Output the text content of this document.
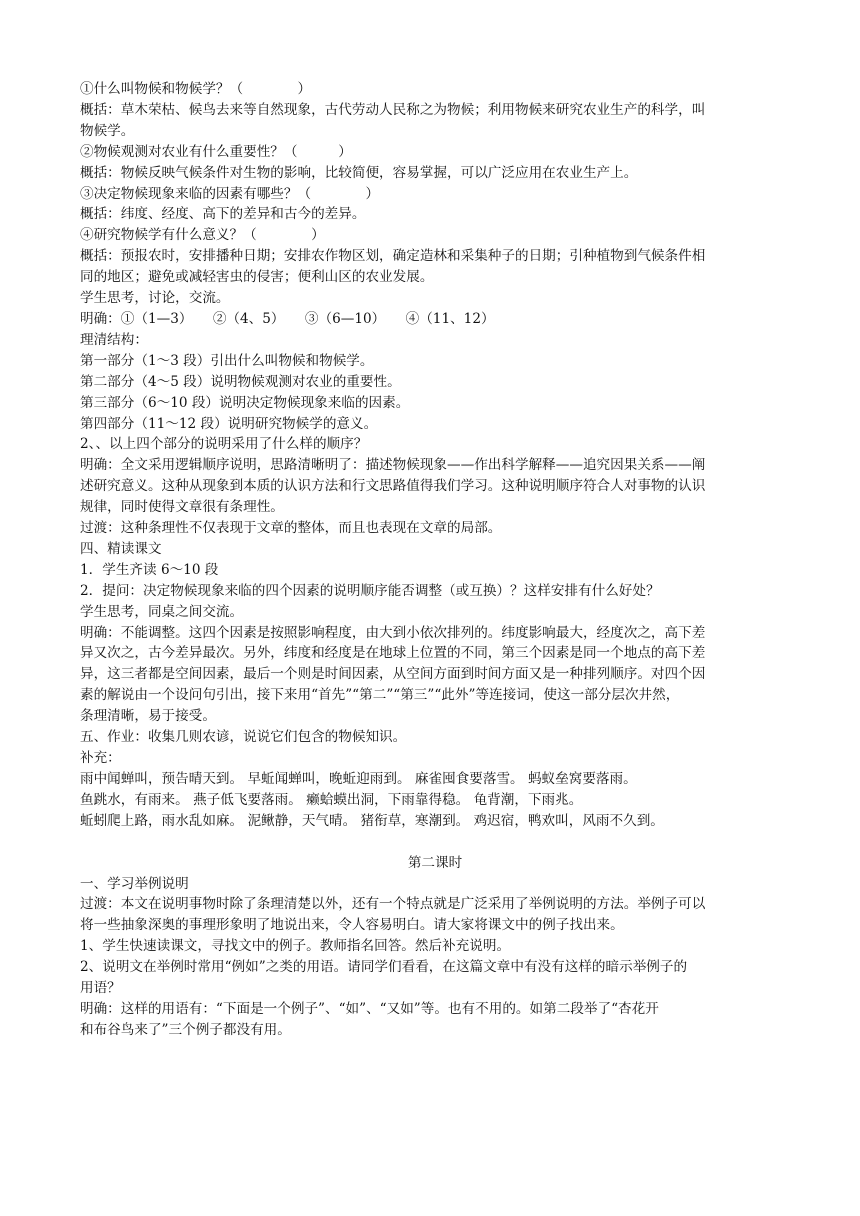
①什么叫物候和物候学？（　　　　）
概括：草木荣枯、候鸟去来等自然现象，古代劳动人民称之为物候；利用物候来研究农业生产的科学，叫
物候学。
②物候观测对农业有什么重要性？（　　　）
概括：物候反映气候条件对生物的影响，比较简便，容易掌握，可以广泛应用在农业生产上。
③决定物候现象来临的因素有哪些？（　　　　）
概括：纬度、经度、高下的差异和古今的差异。
④研究物候学有什么意义？（　　　　）
概括：预报农时，安排播种日期；安排农作物区划，确定造林和采集种子的日期；引种植物到气候条件相
同的地区；避免或减轻害虫的侵害；便利山区的农业发展。
学生思考，讨论，交流。
明确：①（1—3）　　②（4、5）　　③（6—10）　　④（11、12）
理清结构：
第一部分（1～3 段）引出什么叫物候和物候学。
第二部分（4～5 段）说明物候观测对农业的重要性。
第三部分（6～10 段）说明决定物候现象来临的因素。
第四部分（11～12 段）说明研究物候学的意义。
2、、以上四个部分的说明采用了什么样的顺序？
明确：全文采用逻辑顺序说明，思路清晰明了：描述物候现象——作出科学解释——追究因果关系——阐
述研究意义。这种从现象到本质的认识方法和行文思路值得我们学习。这种说明顺序符合人对事物的认识
规律，同时使得文章很有条理性。
过渡：这种条理性不仅表现于文章的整体，而且也表现在文章的局部。
四、精读课文
1．学生齐读 6～10 段
2．提问：决定物候现象来临的四个因素的说明顺序能否调整（或互换）？这样安排有什么好处？
学生思考，同桌之间交流。
明确：不能调整。这四个因素是按照影响程度，由大到小依次排列的。纬度影响最大，经度次之，高下差
异又次之，古今差异最次。另外，纬度和经度是在地球上位置的不同，第三个因素是同一个地点的高下差
异，这三者都是空间因素，最后一个则是时间因素，从空间方面到时间方面又是一种排列顺序。对四个因
素的解说由一个设问句引出，接下来用“首先”“第二”“第三”“此外”等连接词，使这一部分层次井然，
条理清晰，易于接受。
五、作业：收集几则农谚，说说它们包含的物候知识。
补充：
雨中闻蝉叫，预告晴天到。 早蚯闻蝉叫，晚蚯迎雨到。 麻雀囤食要落雪。 蚂蚁垒窝要落雨。
鱼跳水，有雨来。 燕子低飞要落雨。 癞蛤蟆出洞，下雨靠得稳。 龟背潮，下雨兆。
蚯蚓爬上路，雨水乱如麻。 泥鳅静，天气晴。 猪衔草，寒潮到。 鸡迟宿，鸭欢叫，风雨不久到。
第二课时
一、学习举例说明
过渡：本文在说明事物时除了条理清楚以外，还有一个特点就是广泛采用了举例说明的方法。举例子可以
将一些抽象深奥的事理形象明了地说出来，令人容易明白。请大家将课文中的例子找出来。
1、学生快速读课文，寻找文中的例子。教师指名回答。然后补充说明。
2、说明文在举例时常用“例如”之类的用语。请同学们看看，在这篇文章中有没有这样的暗示举例子的
用语？
明确：这样的用语有：“下面是一个例子”、“如”、“又如”等。也有不用的。如第二段举了“杏花开
和布谷鸟来了”三个例子都没有用。
